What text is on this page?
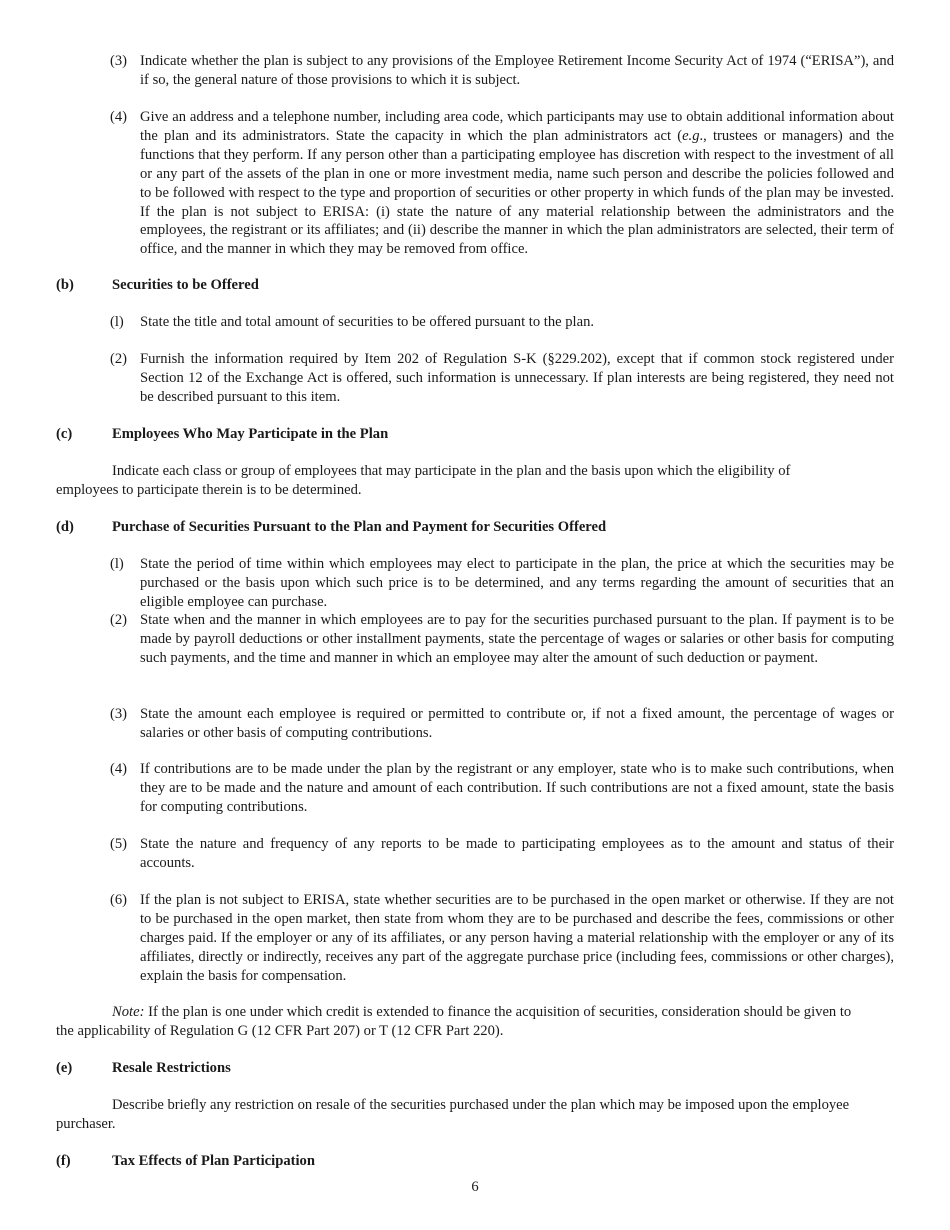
(3) Indicate whether the plan is subject to any provisions of the Employee Retirement Income Security Act of 1974 (“ERISA”), and if so, the general nature of those provisions to which it is subject.
(4) Give an address and a telephone number, including area code, which participants may use to obtain additional information about the plan and its administrators. State the capacity in which the plan administrators act (e.g., trustees or managers) and the functions that they perform. If any person other than a participating employee has discretion with respect to the investment of all or any part of the assets of the plan in one or more investment media, name such person and describe the policies followed and to be followed with respect to the type and proportion of securities or other property in which funds of the plan may be invested. If the plan is not subject to ERISA: (i) state the nature of any material relationship between the administrators and the employees, the registrant or its affiliates; and (ii) describe the manner in which the plan administrators are selected, their term of office, and the manner in which they may be removed from office.
(b)	Securities to be Offered
(l)	State the title and total amount of securities to be offered pursuant to the plan.
(2) Furnish the information required by Item 202 of Regulation S-K (§229.202), except that if common stock registered under Section 12 of the Exchange Act is offered, such information is unnecessary. If plan interests are being registered, they need not be described pursuant to this item.
(c)	Employees Who May Participate in the Plan
Indicate each class or group of employees that may participate in the plan and the basis upon which the eligibility of employees to participate therein is to be determined.
(d)	Purchase of Securities Pursuant to the Plan and Payment for Securities Offered
(l)	State the period of time within which employees may elect to participate in the plan, the price at which the securities may be purchased or the basis upon which such price is to be determined, and any terms regarding the amount of securities that an eligible employee can purchase.
(2) State when and the manner in which employees are to pay for the securities purchased pursuant to the plan. If payment is to be made by payroll deductions or other installment payments, state the percentage of wages or salaries or other basis for computing such payments, and the time and manner in which an employee may alter the amount of such deduction or payment.
(3) State the amount each employee is required or permitted to contribute or, if not a fixed amount, the percentage of wages or salaries or other basis of computing contributions.
(4) If contributions are to be made under the plan by the registrant or any employer, state who is to make such contributions, when they are to be made and the nature and amount of each contribution. If such contributions are not a fixed amount, state the basis for computing contributions.
(5) State the nature and frequency of any reports to be made to participating employees as to the amount and status of their accounts.
(6) If the plan is not subject to ERISA, state whether securities are to be purchased in the open market or otherwise. If they are not to be purchased in the open market, then state from whom they are to be purchased and describe the fees, commissions or other charges paid. If the employer or any of its affiliates, or any person having a material relationship with the employer or any of its affiliates, directly or indirectly, receives any part of the aggregate purchase price (including fees, commissions or other charges), explain the basis for compensation.
Note: If the plan is one under which credit is extended to finance the acquisition of securities, consideration should be given to the applicability of Regulation G (12 CFR Part 207) or T (12 CFR Part 220).
(e)	Resale Restrictions
Describe briefly any restriction on resale of the securities purchased under the plan which may be imposed upon the employee purchaser.
(f)	Tax Effects of Plan Participation
6
